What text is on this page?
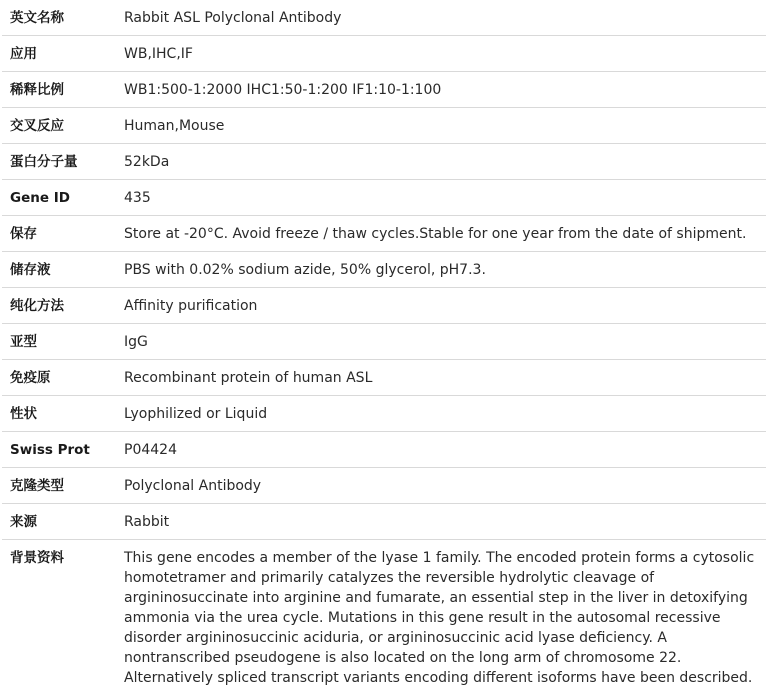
英文名称	Rabbit ASL Polyclonal Antibody
应用	WB,IHC,IF
稀释比例	WB1:500-1:2000 IHC1:50-1:200 IF1:10-1:100
交叉反应	Human,Mouse
蛋白分子量	52kDa
Gene ID	435
保存	Store at -20°C. Avoid freeze / thaw cycles.Stable for one year from the date of shipment.
储存液	PBS with 0.02% sodium azide, 50% glycerol, pH7.3.
纯化方法	Affinity purification
亚型	IgG
免疫原	Recombinant protein of human ASL
性状	Lyophilized or Liquid
Swiss Prot	P04424
克隆类型	Polyclonal Antibody
来源	Rabbit
背景资料	This gene encodes a member of the lyase 1 family. The encoded protein forms a cytosolic homotetramer and primarily catalyzes the reversible hydrolytic cleavage of argininosuccinate into arginine and fumarate, an essential step in the liver in detoxifying ammonia via the urea cycle. Mutations in this gene result in the autosomal recessive disorder argininosuccinic aciduria, or argininosuccinic acid lyase deficiency. A nontranscribed pseudogene is also located on the long arm of chromosome 22. Alternatively spliced transcript variants encoding different isoforms have been described.
